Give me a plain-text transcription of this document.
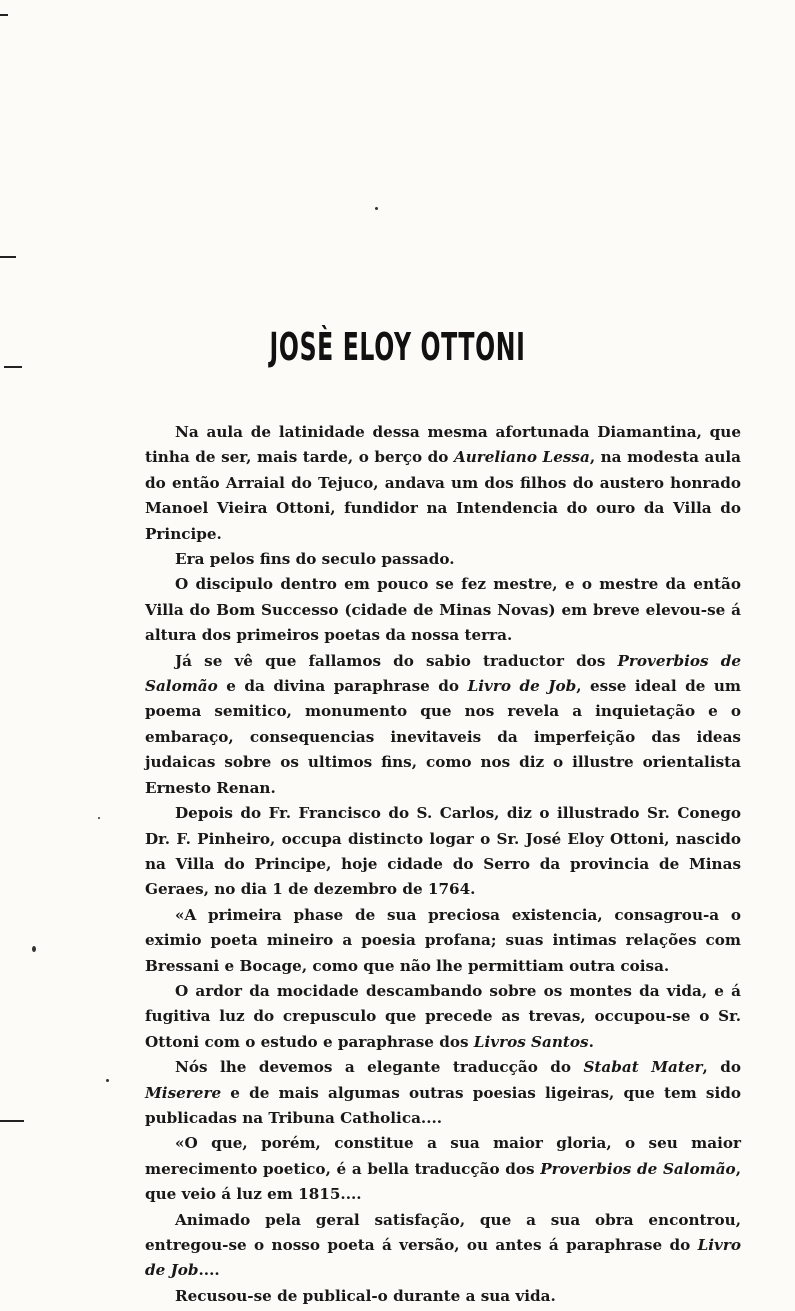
JOSÈ ELOY OTTONI

Na aula de latinidade dessa mesma afortunada Diamantina, que tinha de ser, mais tarde, o berço do Aureliano Lessa, na modesta aula do então Arraial do Tejuco, andava um dos filhos do austero honrado Manoel Vieira Ottoni, fundidor na Intendencia do ouro da Villa do Principe.

Era pelos fins do seculo passado.

O discipulo dentro em pouco se fez mestre, e o mestre da então Villa do Bom Successo (cidade de Minas Novas) em breve elevou-se á altura dos primeiros poetas da nossa terra.

Já se vê que fallamos do sabio traductor dos Proverbios de Salomão e da divina paraphrase do Livro de Job, esse ideal de um poema semitico, monumento que nos revela a inquietação e o embaraço, consequencias inevitaveis da imperfeição das ideas judaicas sobre os ultimos fins, como nos diz o illustre orientalista Ernesto Renan.

Depois do Fr. Francisco do S. Carlos, diz o illustrado Sr. Conego Dr. F. Pinheiro, occupa distincto logar o Sr. José Eloy Ottoni, nascido na Villa do Principe, hoje cidade do Serro da provincia de Minas Geraes, no dia 1 de dezembro de 1764.

«A primeira phase de sua preciosa existencia, consagrou-a o eximio poeta mineiro a poesia profana; suas intimas relações com Bressani e Bocage, como que não lhe permittiam outra coisa.

O ardor da mocidade descambando sobre os montes da vida, e á fugitiva luz do crepusculo que precede as trevas, occupou-se o Sr. Ottoni com o estudo e paraphrase dos Livros Santos.

Nós lhe devemos a elegante traducção do Stabat Mater, do Miserere e de mais algumas outras poesias ligeiras, que tem sido publicadas na Tribuna Catholica....

«O que, porém, constitue a sua maior gloria, o seu maior merecimento poetico, é a bella traducção dos Proverbios de Salomão, que veio á luz em 1815....

Animado pela geral satisfação, que a sua obra encontrou, entregou-se o nosso poeta á versão, ou antes á paraphrase do Livro de Job....

Recusou-se de publical-o durante a sua vida.
